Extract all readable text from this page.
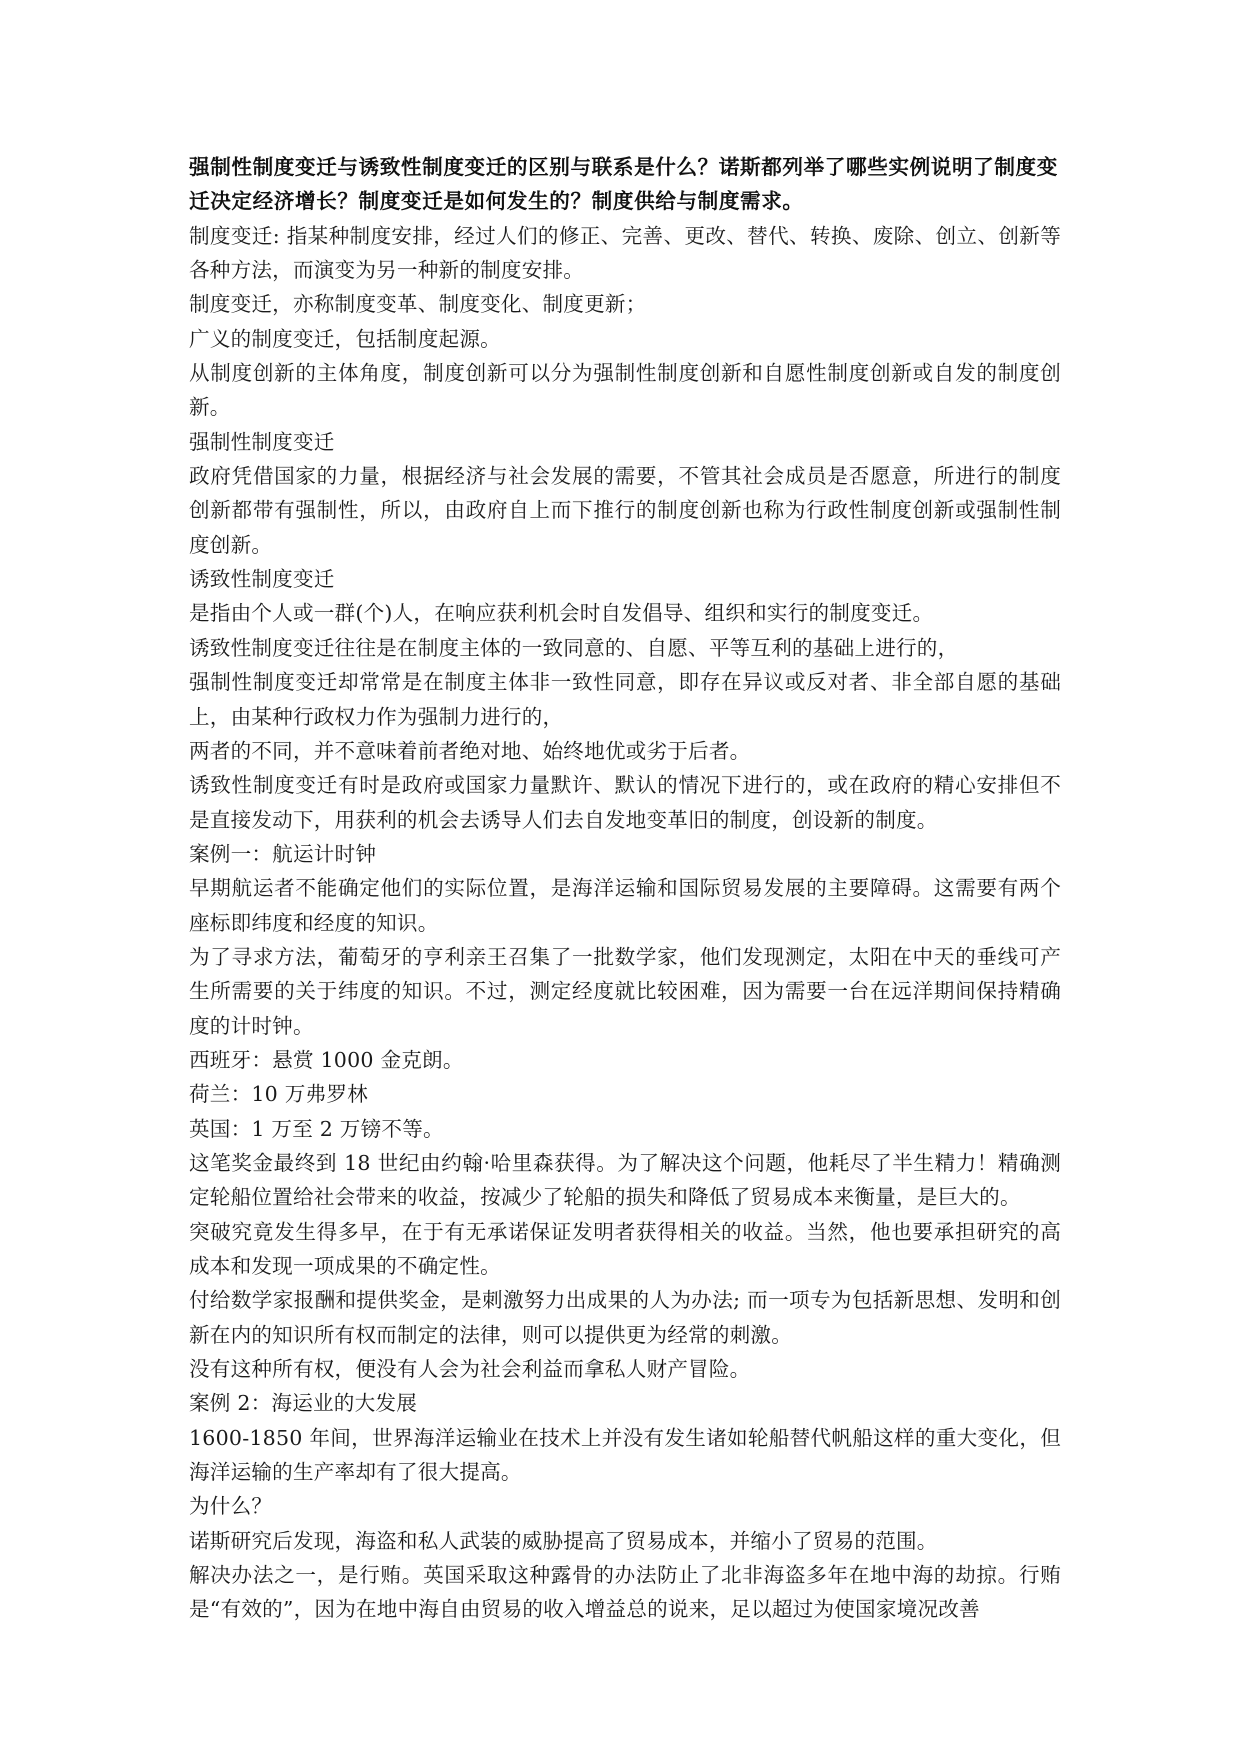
强制性制度变迁与诱致性制度变迁的区别与联系是什么？诺斯都列举了哪些实例说明了制度变迁决定经济增长？制度变迁是如何发生的？制度供给与制度需求。

制度变迁: 指某种制度安排，经过人们的修正、完善、更改、替代、转换、废除、创立、创新等各种方法，而演变为另一种新的制度安排。

制度变迁，亦称制度变革、制度变化、制度更新；

广义的制度变迁，包括制度起源。

从制度创新的主体角度，制度创新可以分为强制性制度创新和自愿性制度创新或自发的制度创新。

强制性制度变迁

政府凭借国家的力量，根据经济与社会发展的需要，不管其社会成员是否愿意，所进行的制度创新都带有强制性，所以，由政府自上而下推行的制度创新也称为行政性制度创新或强制性制度创新。

诱致性制度变迁

是指由个人或一群(个)人，在响应获利机会时自发倡导、组织和实行的制度变迁。

诱致性制度变迁往往是在制度主体的一致同意的、自愿、平等互利的基础上进行的，

强制性制度变迁却常常是在制度主体非一致性同意，即存在异议或反对者、非全部自愿的基础上，由某种行政权力作为强制力进行的，

两者的不同，并不意味着前者绝对地、始终地优或劣于后者。

诱致性制度变迁有时是政府或国家力量默许、默认的情况下进行的，或在政府的精心安排但不是直接发动下，用获利的机会去诱导人们去自发地变革旧的制度，创设新的制度。

案例一：航运计时钟

早期航运者不能确定他们的实际位置，是海洋运输和国际贸易发展的主要障碍。这需要有两个座标即纬度和经度的知识。

为了寻求方法，葡萄牙的亨利亲王召集了一批数学家，他们发现测定，太阳在中天的垂线可产生所需要的关于纬度的知识。不过，测定经度就比较困难，因为需要一台在远洋期间保持精确度的计时钟。

西班牙：悬赏 1000 金克朗。

荷兰：10 万弗罗林

英国：1 万至 2 万镑不等。

这笔奖金最终到 18 世纪由约翰·哈里森获得。为了解决这个问题，他耗尽了半生精力！精确测定轮船位置给社会带来的收益，按减少了轮船的损失和降低了贸易成本来衡量，是巨大的。

突破究竟发生得多早，在于有无承诺保证发明者获得相关的收益。当然，他也要承担研究的高成本和发现一项成果的不确定性。

付给数学家报酬和提供奖金，是刺激努力出成果的人为办法; 而一项专为包括新思想、发明和创新在内的知识所有权而制定的法律，则可以提供更为经常的刺激。

没有这种所有权，便没有人会为社会利益而拿私人财产冒险。

案例 2：海运业的大发展

1600-1850 年间，世界海洋运输业在技术上并没有发生诸如轮船替代帆船这样的重大变化，但海洋运输的生产率却有了很大提高。

为什么？

诺斯研究后发现，海盗和私人武装的威胁提高了贸易成本，并缩小了贸易的范围。

解决办法之一，是行贿。英国采取这种露骨的办法防止了北非海盗多年在地中海的劫掠。行贿是“有效的”，因为在地中海自由贸易的收入增益总的说来，足以超过为使国家境况改善
